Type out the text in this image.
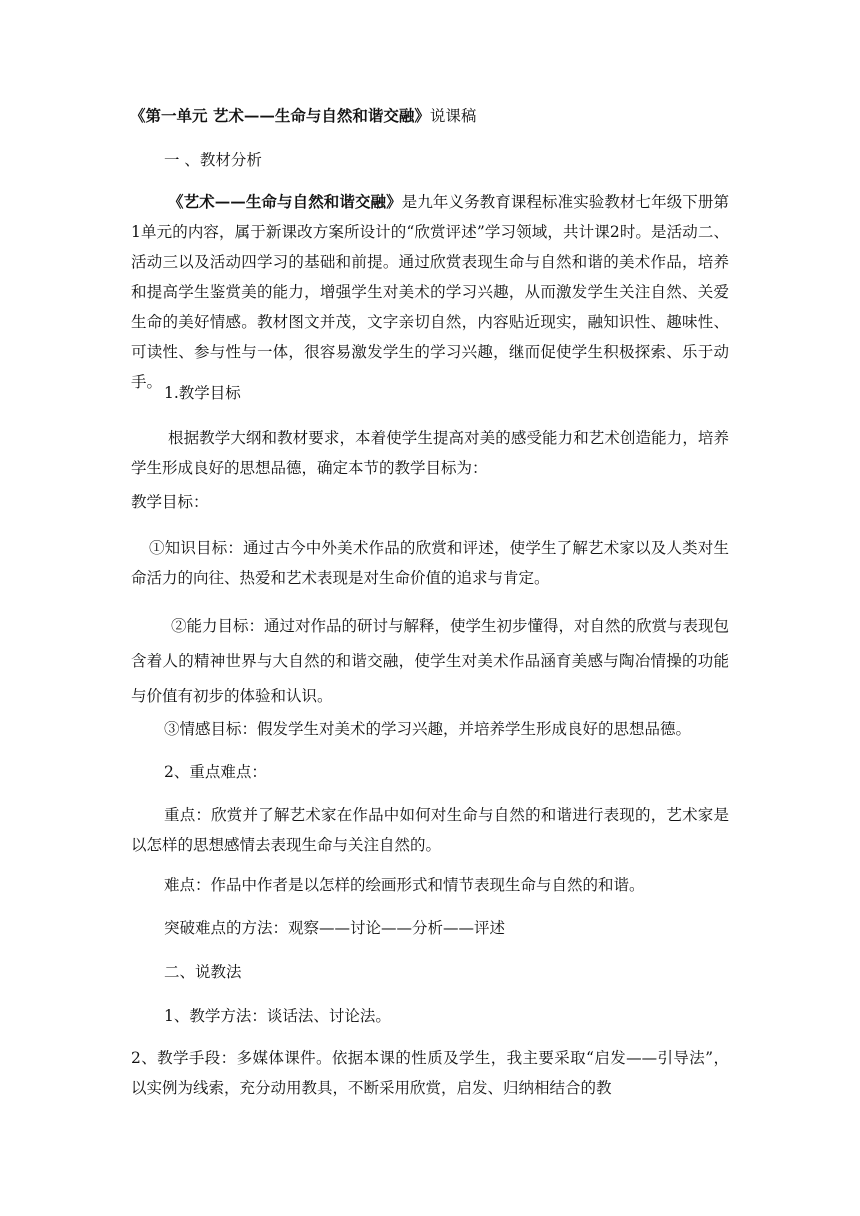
《第一单元 艺术——生命与自然和谐交融》说课稿
一 、教材分析
《艺术——生命与自然和谐交融》是九年义务教育课程标准实验教材七年级下册第1单元的内容，属于新课改方案所设计的“欣赏评述”学习领域，共计课2时。是活动二、活动三以及活动四学习的基础和前提。通过欣赏表现生命与自然和谐的美术作品，培养和提高学生鉴赏美的能力，增强学生对美术的学习兴趣，从而激发学生关注自然、关爱生命的美好情感。教材图文并茂，文字亲切自然，内容贴近现实，融知识性、趣味性、可读性、参与性与一体，很容易激发学生的学习兴趣，继而促使学生积极探索、乐于动手。
1.教学目标
根据教学大纲和教材要求，本着使学生提高对美的感受能力和艺术创造能力，培养学生形成良好的思想品德，确定本节的教学目标为：
教学目标：
①知识目标：通过古今中外美术作品的欣赏和评述，使学生了解艺术家以及人类对生命活力的向往、热爱和艺术表现是对生命价值的追求与肯定。
②能力目标：通过对作品的研讨与解释，使学生初步懂得，对自然的欣赏与表现包含着人的精神世界与大自然的和谐交融，使学生对美术作品涵育美感与陶冶情操的功能与价值有初步的体验和认识。
③情感目标：假发学生对美术的学习兴趣，并培养学生形成良好的思想品德。
2、重点难点：
重点：欣赏并了解艺术家在作品中如何对生命与自然的和谐进行表现的，艺术家是以怎样的思想感情去表现生命与关注自然的。
难点：作品中作者是以怎样的绘画形式和情节表现生命与自然的和谐。
突破难点的方法：观察——讨论——分析——评述
二、说教法
1、教学方法：谈话法、讨论法。
2、教学手段：多媒体课件。依据本课的性质及学生，我主要采取“启发——引导法”，以实例为线索，充分动用教具，不断采用欣赏，启发、归纳相结合的教
